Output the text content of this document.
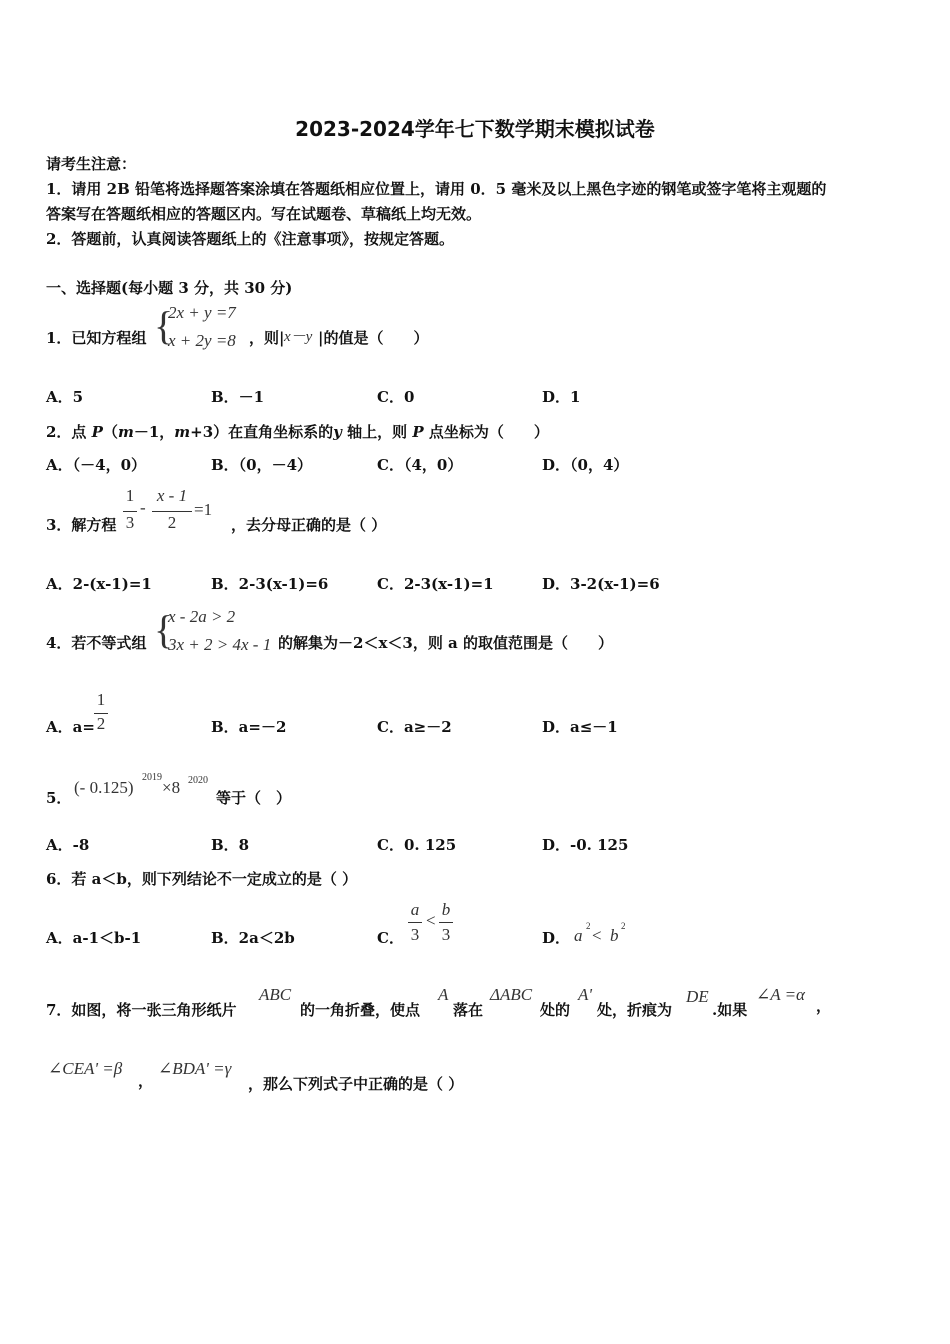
2023-2024学年七下数学期末模拟试卷
请考生注意：
1．请用 2B 铅笔将选择题答案涂填在答题纸相应位置上，请用 0．5 毫米及以上黑色字迹的钢笔或签字笔将主观题的
答案写在答题纸相应的答题区内。写在试题卷、草稿纸上均无效。
2．答题前，认真阅读答题纸上的《注意事项》，按规定答题。
一、选择题(每小题 3 分，共 30 分)
1．已知方程组 {
2x + y =7
x + 2y =8 ，则| x－y |的值是（　　）
A．5	B．－1	C．0	D．1
2．点 P（m－1，m+3）在直角坐标系的y 轴上，则 P 点坐标为（　　）
A．（－4，0）	B．（0，－4）	C．（4，0）	D．（0，4）
3．解方程
1
3
-
x - 1
2
=1
，去分母正确的是（ ）
A．2-(x-1)=1	B．2-3(x-1)=6	C．2-3(x-1)=1	D．3-2(x-1)=6
4．若不等式组 {
x - 2a > 2
3x + 2 > 4x - 1 的解集为－2＜x＜3，则 a 的取值范围是（　　）
A．a=
1
2	B．a=－2	C．a≥－2	D．a≤－1
5．
(- 0.125)
2019
×8 2020
等于（　）
A．-8	B．8	C．0. 125	D．-0. 125
6．若 a＜b，则下列结论不一定成立的是（ ）
A．a-1＜b-1	B．2a＜2b	C．
a
3
<
b
3	D． a 2 < b 2
7．如图，将一张三角形纸片
ABC
的一角折叠，使点
A
落在
ΔABC
处的
A'
处，折痕为
DE
.如果
∠A =α
，
∠CEA' =β
，
∠BDA' =γ
，那么下列式子中正确的是（ ）
